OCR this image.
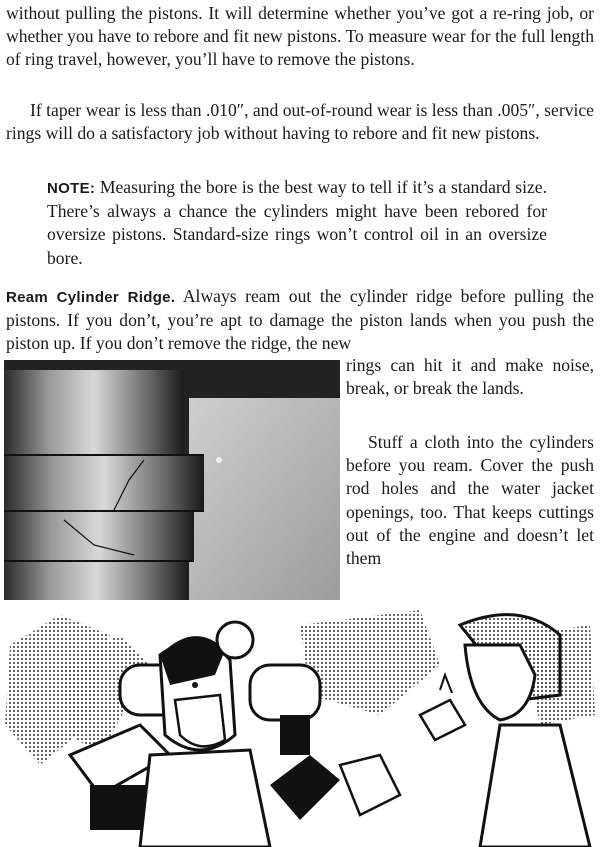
without pulling the pistons. It will determine whether you’ve got a re-ring job, or whether you have to rebore and fit new pistons. To measure wear for the full length of ring travel, however, you’ll have to remove the pistons.

If taper wear is less than .010″, and out-of-round wear is less than .005″, service rings will do a satisfactory job without having to rebore and fit new pistons.

NOTE: Measuring the bore is the best way to tell if it’s a standard size. There’s always a chance the cylinders might have been rebored for oversize pistons. Standard-size rings won’t control oil in an oversize bore.

Ream Cylinder Ridge. Always ream out the cylinder ridge before pulling the pistons. If you don’t, you’re apt to damage the piston lands when you push the piston up. If you don’t remove the ridge, the new

rings can hit it and make noise, break, or break the lands.

Stuff a cloth into the cylinders before you ream. Cover the push rod holes and the water jacket openings, too. That keeps cuttings out of the engine and doesn’t let them
